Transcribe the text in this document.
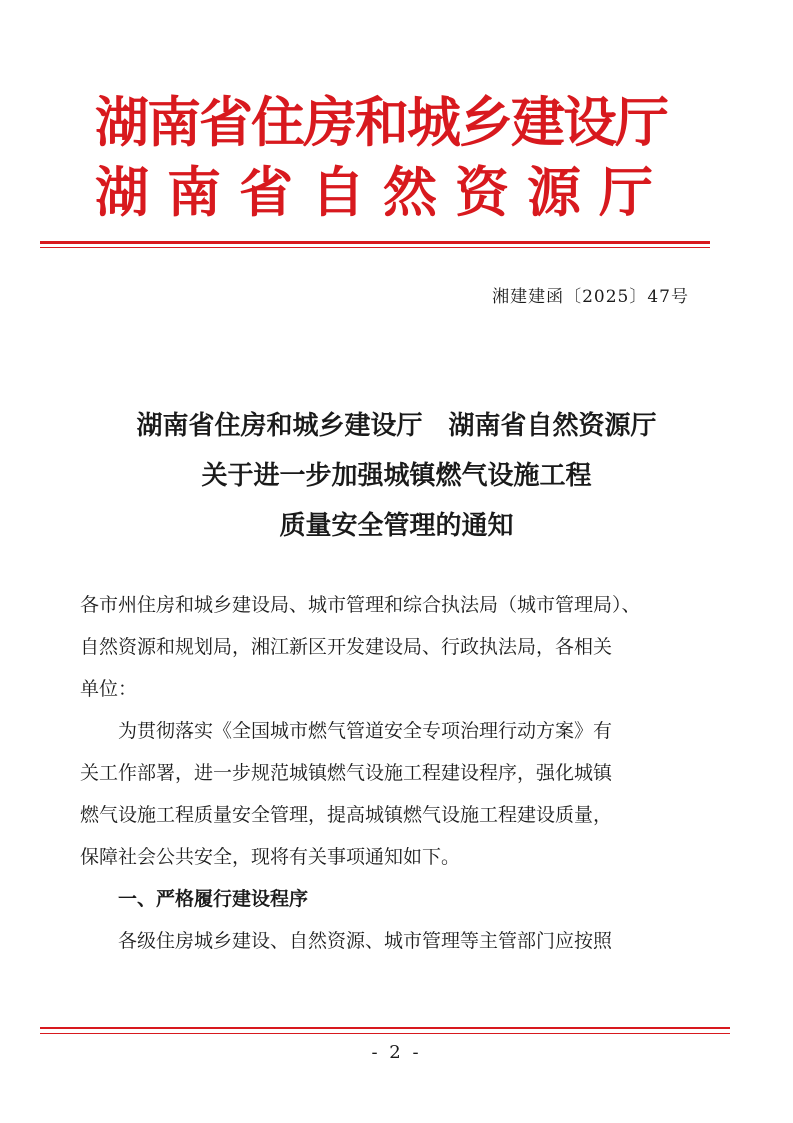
湖南省住房和城乡建设厅
湖南省自然资源厅
湘建建函〔2025〕47号
湖南省住房和城乡建设厅　湖南省自然资源厅
关于进一步加强城镇燃气设施工程
质量安全管理的通知
各市州住房和城乡建设局、城市管理和综合执法局（城市管理局）、
自然资源和规划局，湘江新区开发建设局、行政执法局，各相关
单位：
　　为贯彻落实《全国城市燃气管道安全专项治理行动方案》有
关工作部署，进一步规范城镇燃气设施工程建设程序，强化城镇
燃气设施工程质量安全管理，提高城镇燃气设施工程建设质量，
保障社会公共安全，现将有关事项通知如下。
　　一、严格履行建设程序
　　各级住房城乡建设、自然资源、城市管理等主管部门应按照
- 2 -
